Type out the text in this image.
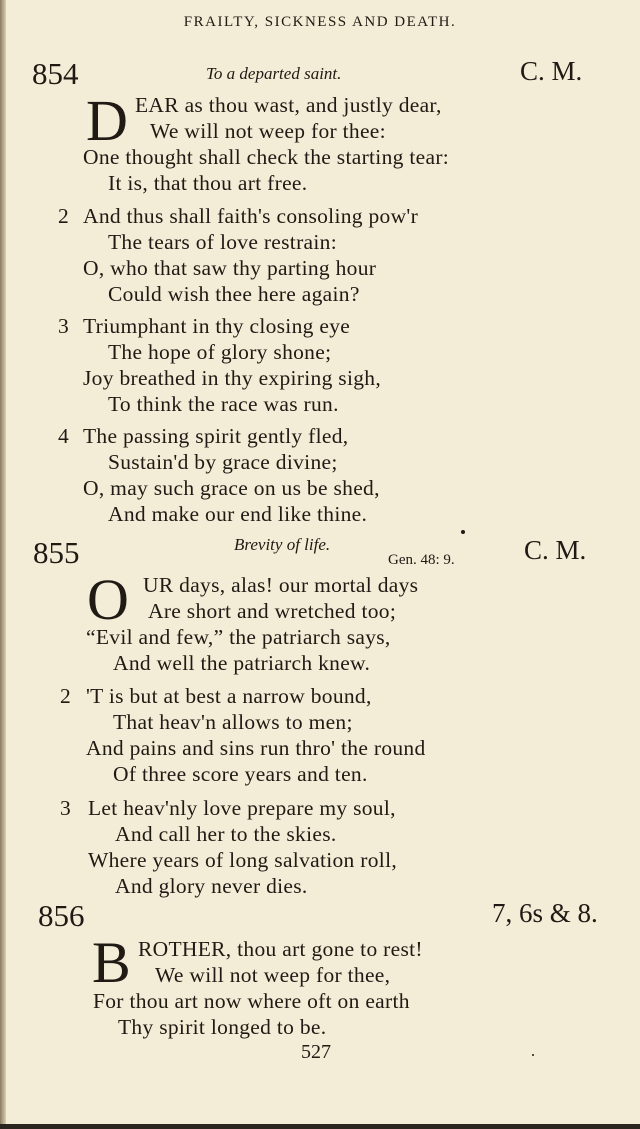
FRAILTY, SICKNESS AND DEATH.
854	To a departed saint.	C. M.
D EAR as thou wast, and justly dear,
We will not weep for thee:
One thought shall check the starting tear:
It is, that thou art free.
2 And thus shall faith's consoling pow'r
The tears of love restrain:
O, who that saw thy parting hour
Could wish thee here again?
3 Triumphant in thy closing eye
The hope of glory shone;
Joy breathed in thy expiring sigh,
To think the race was run.
4 The passing spirit gently fled,
Sustain'd by grace divine;
O, may such grace on us be shed,
And make our end like thine.
855	Brevity of life.
Gen. 48: 9.	C. M.
O UR days, alas! our mortal days
Are short and wretched too;
“Evil and few,” the patriarch says,
And well the patriarch knew.
2 'T is but at best a narrow bound,
That heav'n allows to men;
And pains and sins run thro' the round
Of three score years and ten.
3 Let heav'nly love prepare my soul,
And call her to the skies.
Where years of long salvation roll,
And glory never dies.
856	7, 6s & 8.
B ROTHER, thou art gone to rest!
We will not weep for thee,
For thou art now where oft on earth
Thy spirit longed to be.
527
